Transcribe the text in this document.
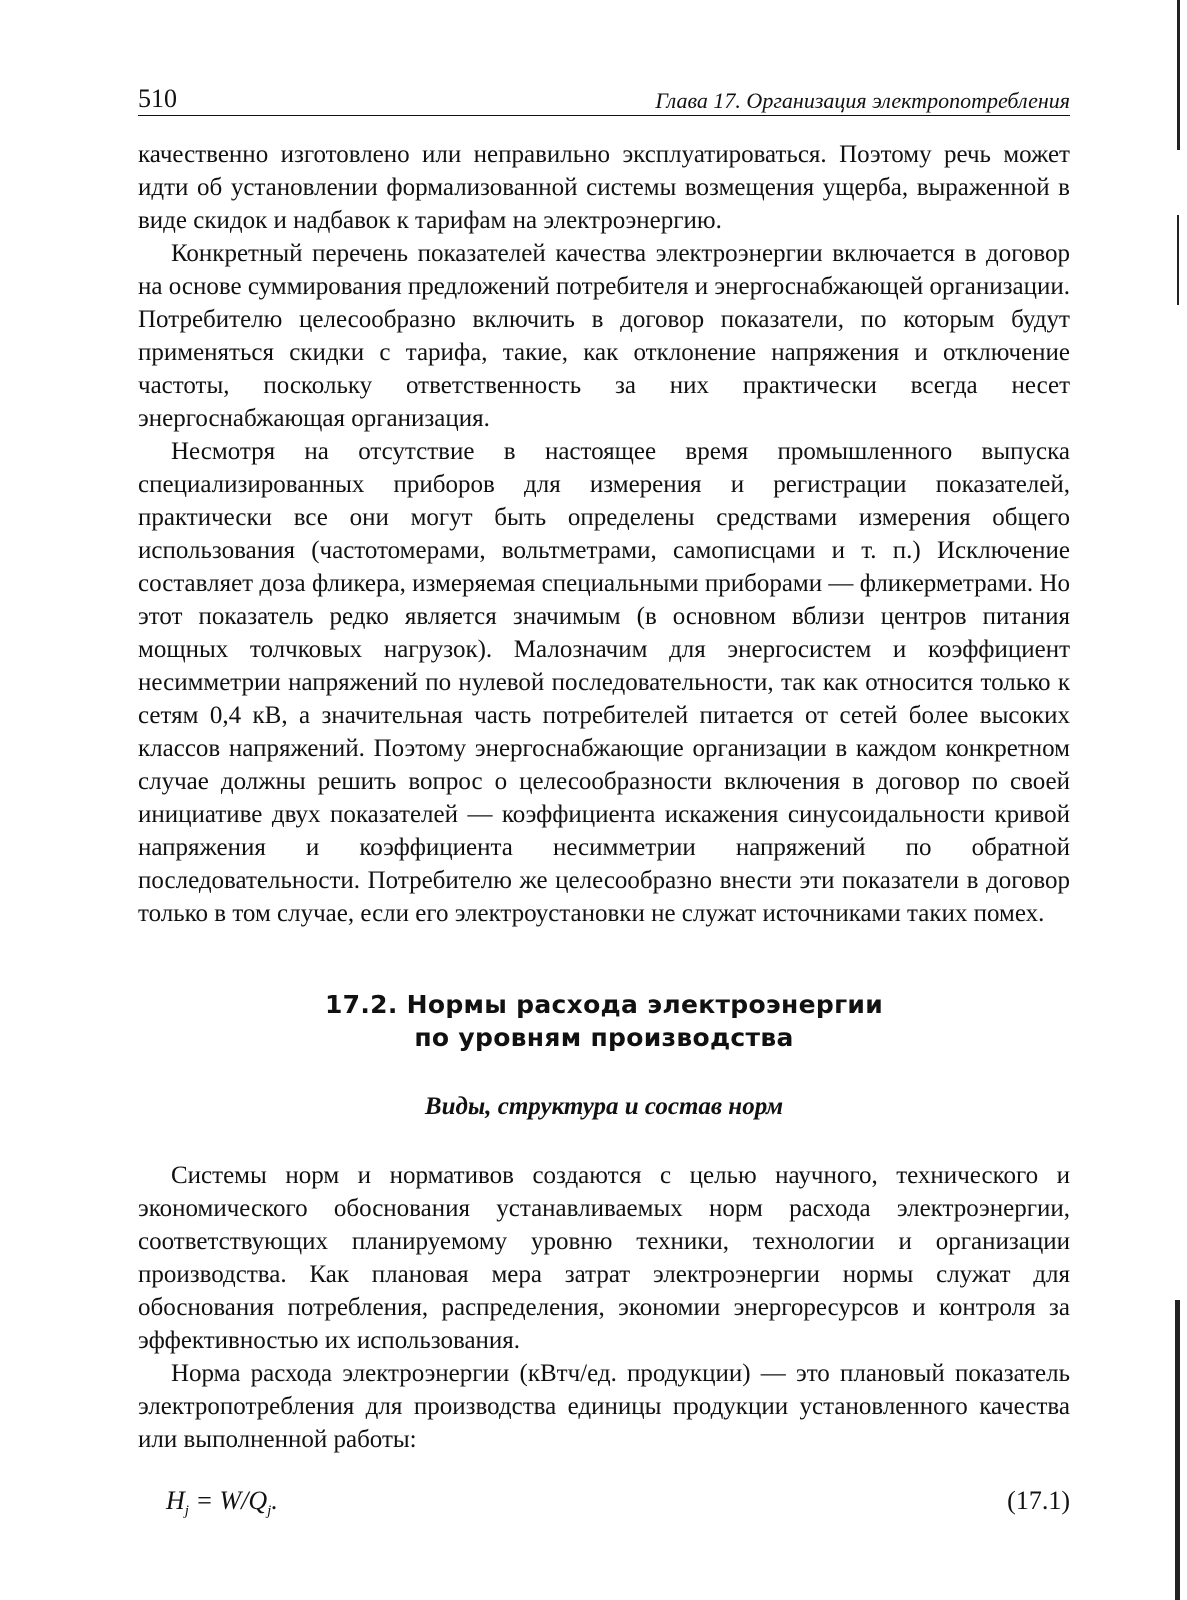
510	Глава 17. Организация электропотребления

качественно изготовлено или неправильно эксплуатироваться. Поэтому речь может идти об установлении формализованной системы возмещения ущерба, выраженной в виде скидок и надбавок к тарифам на электроэнергию.

Конкретный перечень показателей качества электроэнергии включается в договор на основе суммирования предложений потребителя и энергоснабжающей организации. Потребителю целесообразно включить в договор показатели, по которым будут применяться скидки с тарифа, такие, как отклонение напряжения и отключение частоты, поскольку ответственность за них практически всегда несет энергоснабжающая организация.

Несмотря на отсутствие в настоящее время промышленного выпуска специализированных приборов для измерения и регистрации показателей, практически все они могут быть определены средствами измерения общего использования (частотомерами, вольтметрами, самописцами и т. п.) Исключение составляет доза фликера, измеряемая специальными приборами — фликерметрами. Но этот показатель редко является значимым (в основном вблизи центров питания мощных толчковых нагрузок). Малозначим для энергосистем и коэффициент несимметрии напряжений по нулевой последовательности, так как относится только к сетям 0,4 кВ, а значительная часть потребителей питается от сетей более высоких классов напряжений. Поэтому энергоснабжающие организации в каждом конкретном случае должны решить вопрос о целесообразности включения в договор по своей инициативе двух показателей — коэффициента искажения синусоидальности кривой напряжения и коэффициента несимметрии напряжений по обратной последовательности. Потребителю же целесообразно внести эти показатели в договор только в том случае, если его электроустановки не служат источниками таких помех.

17.2. Нормы расхода электроэнергии
по уровням производства
Виды, структура и состав норм

Системы норм и нормативов создаются с целью научного, технического и экономического обоснования устанавливаемых норм расхода электроэнергии, соответствующих планируемому уровню техники, технологии и организации производства. Как плановая мера затрат электроэнергии нормы служат для обоснования потребления, распределения, экономии энергоресурсов и контроля за эффективностью их использования.

Норма расхода электроэнергии (кВтч/ед. продукции) — это плановый показатель электропотребления для производства единицы продукции установленного качества или выполненной работы:

$H_j = W/Q_j$.	(17.1)
